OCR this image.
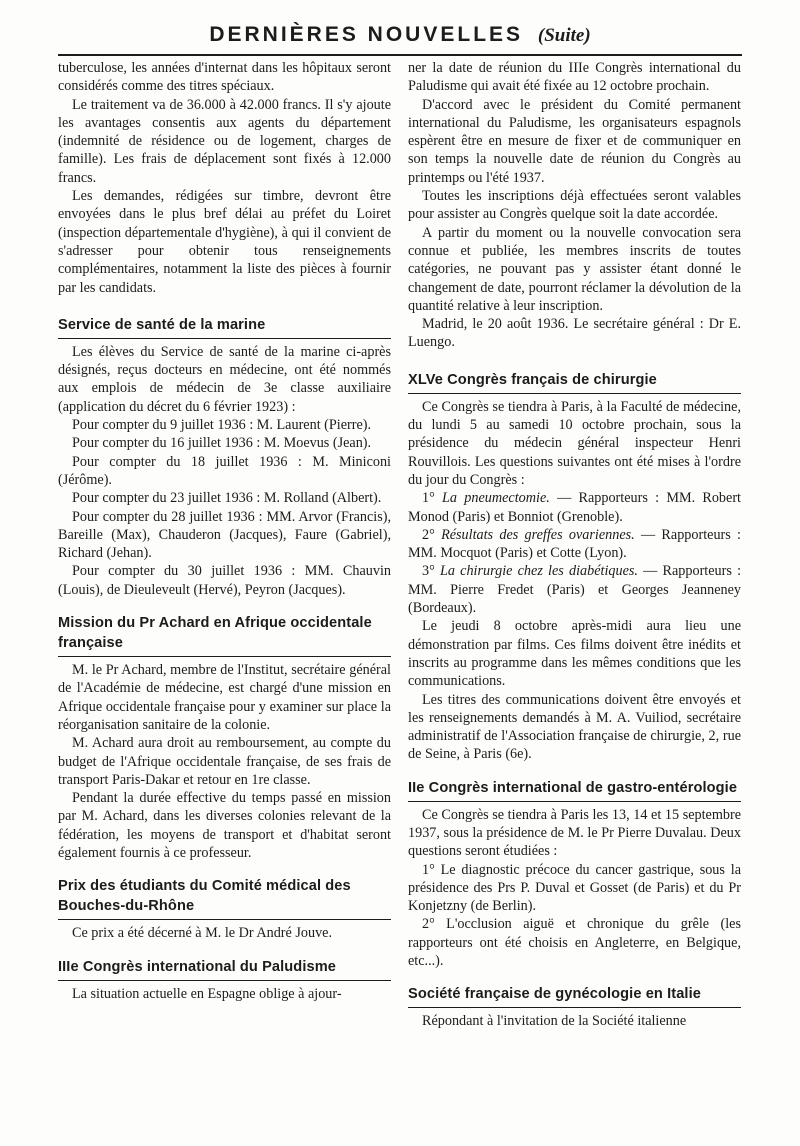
DERNIÈRES NOUVELLES (Suite)

tuberculose, les années d'internat dans les hôpitaux seront considérés comme des titres spéciaux.

Le traitement va de 36.000 à 42.000 francs. Il s'y ajoute les avantages consentis aux agents du département (indemnité de résidence ou de logement, charges de famille). Les frais de déplacement sont fixés à 12.000 francs.

Les demandes, rédigées sur timbre, devront être envoyées dans le plus bref délai au préfet du Loiret (inspection départementale d'hygiène), à qui il convient de s'adresser pour obtenir tous renseignements complémentaires, notamment la liste des pièces à fournir par les candidats.

Service de santé de la marine

Les élèves du Service de santé de la marine ci-après désignés, reçus docteurs en médecine, ont été nommés aux emplois de médecin de 3e classe auxiliaire (application du décret du 6 février 1923) :

Pour compter du 9 juillet 1936 : M. Laurent (Pierre).

Pour compter du 16 juillet 1936 : M. Moevus (Jean).

Pour compter du 18 juillet 1936 : M. Miniconi (Jérôme).

Pour compter du 23 juillet 1936 : M. Rolland (Albert).

Pour compter du 28 juillet 1936 : MM. Arvor (Francis), Bareille (Max), Chauderon (Jacques), Faure (Gabriel), Richard (Jehan).

Pour compter du 30 juillet 1936 : MM. Chauvin (Louis), de Dieuleveult (Hervé), Peyron (Jacques).

Mission du Pr Achard en Afrique occidentale française

M. le Pr Achard, membre de l'Institut, secrétaire général de l'Académie de médecine, est chargé d'une mission en Afrique occidentale française pour y examiner sur place la réorganisation sanitaire de la colonie.

M. Achard aura droit au remboursement, au compte du budget de l'Afrique occidentale française, de ses frais de transport Paris-Dakar et retour en 1re classe.

Pendant la durée effective du temps passé en mission par M. Achard, dans les diverses colonies relevant de la fédération, les moyens de transport et d'habitat seront également fournis à ce professeur.

Prix des étudiants du Comité médical des Bouches-du-Rhône

Ce prix a été décerné à M. le Dr André Jouve.

IIIe Congrès international du Paludisme

La situation actuelle en Espagne oblige à ajour-

ner la date de réunion du IIIe Congrès international du Paludisme qui avait été fixée au 12 octobre prochain.

D'accord avec le président du Comité permanent international du Paludisme, les organisateurs espagnols espèrent être en mesure de fixer et de communiquer en son temps la nouvelle date de réunion du Congrès au printemps ou l'été 1937.

Toutes les inscriptions déjà effectuées seront valables pour assister au Congrès quelque soit la date accordée.

A partir du moment ou la nouvelle convocation sera connue et publiée, les membres inscrits de toutes catégories, ne pouvant pas y assister étant donné le changement de date, pourront réclamer la dévolution de la quantité relative à leur inscription.

Madrid, le 20 août 1936. Le secrétaire général : Dr E. Luengo.

XLVe Congrès français de chirurgie

Ce Congrès se tiendra à Paris, à la Faculté de médecine, du lundi 5 au samedi 10 octobre prochain, sous la présidence du médecin général inspecteur Henri Rouvillois. Les questions suivantes ont été mises à l'ordre du jour du Congrès :

1° La pneumectomie. — Rapporteurs : MM. Robert Monod (Paris) et Bonniot (Grenoble).

2° Résultats des greffes ovariennes. — Rapporteurs : MM. Mocquot (Paris) et Cotte (Lyon).

3° La chirurgie chez les diabétiques. — Rapporteurs : MM. Pierre Fredet (Paris) et Georges Jeanneney (Bordeaux).

Le jeudi 8 octobre après-midi aura lieu une démonstration par films. Ces films doivent être inédits et inscrits au programme dans les mêmes conditions que les communications.

Les titres des communications doivent être envoyés et les renseignements demandés à M. A. Vuiliod, secrétaire administratif de l'Association française de chirurgie, 2, rue de Seine, à Paris (6e).

IIe Congrès international de gastro-entérologie

Ce Congrès se tiendra à Paris les 13, 14 et 15 septembre 1937, sous la présidence de M. le Pr Pierre Duvalau. Deux questions seront étudiées :

1° Le diagnostic précoce du cancer gastrique, sous la présidence des Prs P. Duval et Gosset (de Paris) et du Pr Konjetzny (de Berlin).

2° L'occlusion aiguë et chronique du grêle (les rapporteurs ont été choisis en Angleterre, en Belgique, etc...).

Société française de gynécologie en Italie

Répondant à l'invitation de la Société italienne
